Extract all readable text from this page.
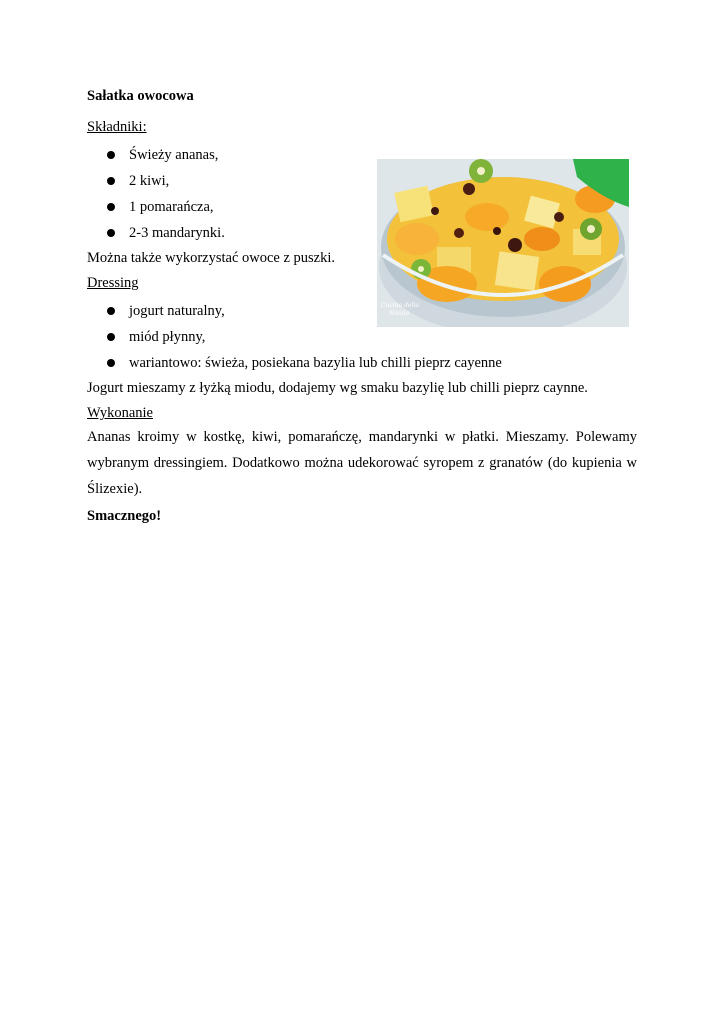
Sałatka owocowa
Składniki:
Świeży ananas,
2 kiwi,
1 pomarańcza,
2-3 mandarynki.
Można także wykorzystać owoce z puszki.
Dressing
jogurt naturalny,
miód płynny,
wariantowo: świeża, posiekana bazylia lub chilli pieprz cayenne
Jogurt mieszamy z łyżką miodu, dodajemy wg smaku bazylię lub chilli pieprz caynne.
Wykonanie
Ananas kroimy w kostkę, kiwi, pomarańczę, mandarynki w płatki. Mieszamy. Polewamy wybranym dressingiem. Dodatkowo można udekorować syropem z granatów (do kupienia w Ślizexie).
Smacznego!
Cucina della
Nonna
